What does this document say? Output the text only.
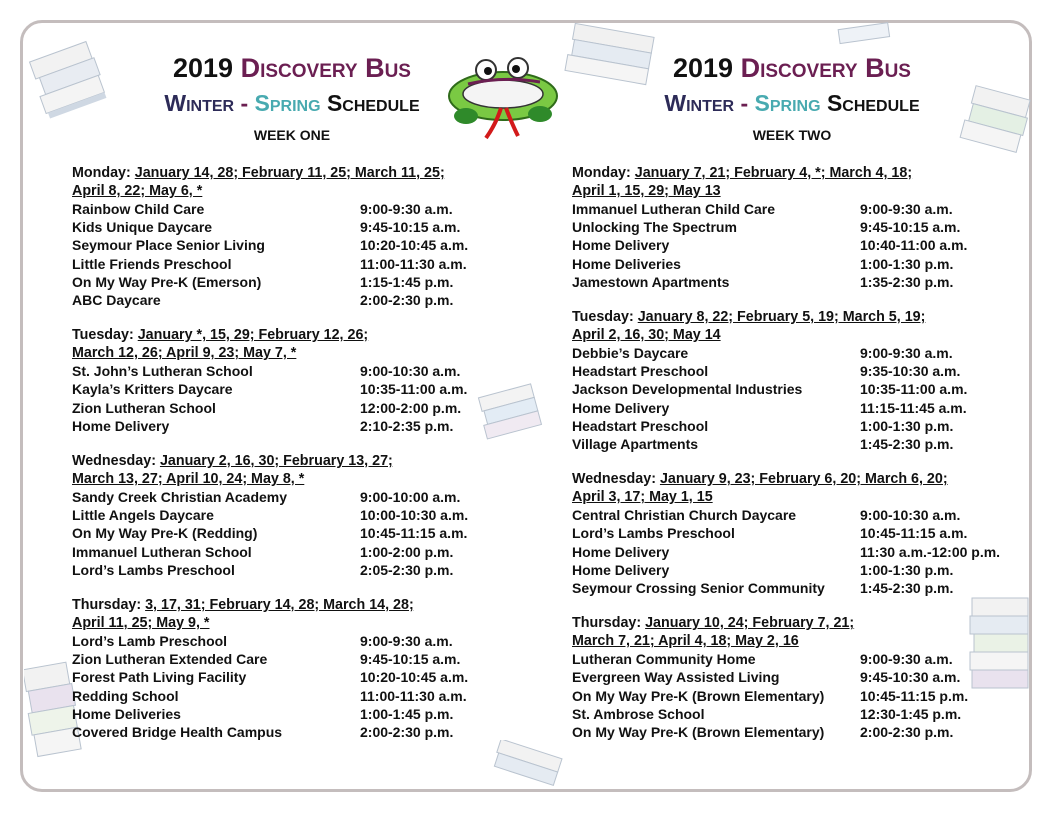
2019 Discovery Bus
Winter - Spring Schedule
WEEK ONE

Monday: January 14, 28; February 11, 25; March 11, 25;

April 8, 22; May 6, *

Rainbow Child Care	9:00-9:30 a.m.
Kids Unique Daycare	9:45-10:15 a.m.
Seymour Place Senior Living	10:20-10:45 a.m.
Little Friends Preschool	11:00-11:30 a.m.
On My Way Pre-K (Emerson)	1:15-1:45 p.m.
ABC Daycare	2:00-2:30 p.m.

Tuesday: January *, 15, 29; February 12, 26;

March 12, 26; April 9, 23; May 7, *

St. John’s Lutheran School	9:00-10:30 a.m.
Kayla’s Kritters Daycare	10:35-11:00 a.m.
Zion Lutheran School	12:00-2:00 p.m.
Home Delivery	2:10-2:35 p.m.

Wednesday: January 2, 16, 30; February 13, 27;

March 13, 27; April 10, 24; May 8, *

Sandy Creek Christian Academy	9:00-10:00 a.m.
Little Angels Daycare	10:00-10:30 a.m.
On My Way Pre-K (Redding)	10:45-11:15 a.m.
Immanuel Lutheran School	1:00-2:00 p.m.
Lord’s Lambs Preschool	2:05-2:30 p.m.

Thursday: 3, 17, 31; February 14, 28; March 14, 28;

April 11, 25; May 9, *

Lord’s Lamb Preschool	9:00-9:30 a.m.
Zion Lutheran Extended Care	9:45-10:15 a.m.
Forest Path Living Facility	10:20-10:45 a.m.
Redding School	11:00-11:30 a.m.
Home Deliveries	1:00-1:45 p.m.
Covered Bridge Health Campus	2:00-2:30 p.m.
2019 Discovery Bus
Winter - Spring Schedule
WEEK TWO

Monday: January 7, 21; February 4, *; March 4, 18;

April 1, 15, 29; May 13

Immanuel Lutheran Child Care	9:00-9:30 a.m.
Unlocking The Spectrum	9:45-10:15 a.m.
Home Delivery	10:40-11:00 a.m.
Home Deliveries	1:00-1:30 p.m.
Jamestown Apartments	1:35-2:30 p.m.

Tuesday: January 8, 22; February 5, 19; March 5, 19;

April 2, 16, 30; May 14

Debbie’s Daycare	9:00-9:30 a.m.
Headstart Preschool	9:35-10:30 a.m.
Jackson Developmental Industries	10:35-11:00 a.m.
Home Delivery	11:15-11:45 a.m.
Headstart Preschool	1:00-1:30 p.m.
Village Apartments	1:45-2:30 p.m.

Wednesday: January 9, 23; February 6, 20; March 6, 20;

April 3, 17; May 1, 15

Central Christian Church Daycare	9:00-10:30 a.m.
Lord’s Lambs Preschool	10:45-11:15 a.m.
Home Delivery	11:30 a.m.-12:00 p.m.
Home Delivery	1:00-1:30 p.m.
Seymour Crossing Senior Community	1:45-2:30 p.m.

Thursday: January 10, 24; February 7, 21;

March 7, 21; April 4, 18; May 2, 16

Lutheran Community Home	9:00-9:30 a.m.
Evergreen Way Assisted Living	9:45-10:30 a.m.
On My Way Pre-K (Brown Elementary)	10:45-11:15 p.m.
St. Ambrose School	12:30-1:45 p.m.
On My Way Pre-K (Brown Elementary)	2:00-2:30 p.m.
